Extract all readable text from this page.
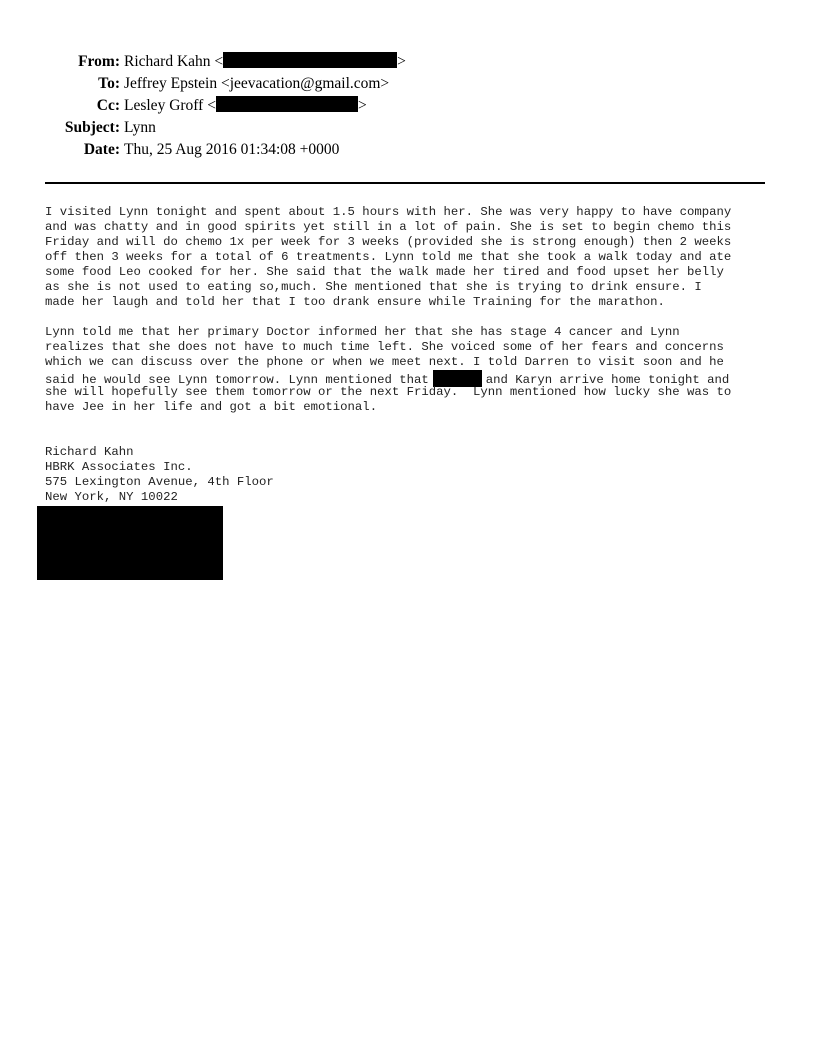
From: Richard Kahn <	>
To: Jeffrey Epstein <jeevacation@gmail.com>
Cc: Lesley Groff <	>
Subject: Lynn
Date: Thu, 25 Aug 2016 01:34:08 +0000
I visited Lynn tonight and spent about 1.5 hours with her. She was very happy to have company
and was chatty and in good spirits yet still in a lot of pain. She is set to begin chemo this
Friday and will do chemo 1x per week for 3 weeks (provided she is strong enough) then 2 weeks
off then 3 weeks for a total of 6 treatments. Lynn told me that she took a walk today and ate
some food Leo cooked for her. She said that the walk made her tired and food upset her belly
as she is not used to eating so,much. She mentioned that she is trying to drink ensure. I
made her laugh and told her that I too drank ensure while Training for the marathon.
Lynn told me that her primary Doctor informed her that she has stage 4 cancer and Lynn
realizes that she does not have to much time left. She voiced some of her fears and concerns
which we can discuss over the phone or when we meet next. I told Darren to visit soon and he
said he would see Lynn tomorrow. Lynn mentioned that	and Karyn arrive home tonight and
she will hopefully see them tomorrow or the next Friday.  Lynn mentioned how lucky she was to
have Jee in her life and got a bit emotional.
Richard Kahn
HBRK Associates Inc.
575 Lexington Avenue, 4th Floor
New York, NY 10022
